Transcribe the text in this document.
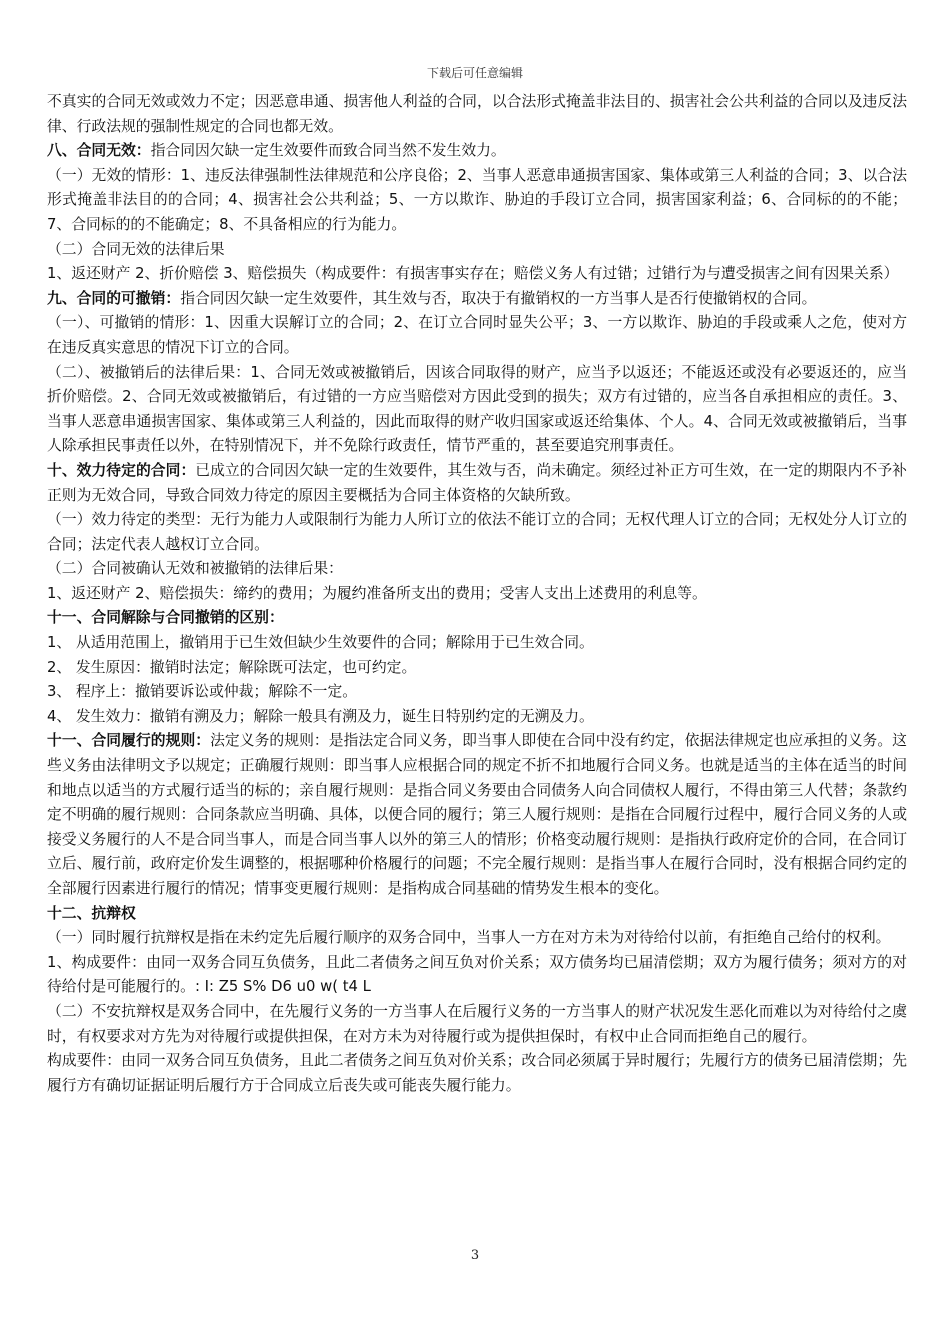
下载后可任意编辑

不真实的合同无效或效力不定；因恶意串通、损害他人利益的合同，以合法形式掩盖非法目的、损害社会公共利益的合同以及违反法律、行政法规的强制性规定的合同也都无效。

八、合同无效：指合同因欠缺一定生效要件而致合同当然不发生效力。

（一）无效的情形：1、违反法律强制性法律规范和公序良俗；2、当事人恶意串通损害国家、集体或第三人利益的合同；3、以合法形式掩盖非法目的的合同；4、损害社会公共利益；5、一方以欺诈、胁迫的手段订立合同，损害国家利益；6、合同标的的不能；7、合同标的的不能确定；8、不具备相应的行为能力。

（二）合同无效的法律后果

1、返还财产 2、折价赔偿 3、赔偿损失（构成要件：有损害事实存在；赔偿义务人有过错；过错行为与遭受损害之间有因果关系）

九、合同的可撤销：指合同因欠缺一定生效要件，其生效与否，取决于有撤销权的一方当事人是否行使撤销权的合同。

（一）、可撤销的情形：1、因重大误解订立的合同；2、在订立合同时显失公平；3、一方以欺诈、胁迫的手段或乘人之危，使对方在违反真实意思的情况下订立的合同。

（二）、被撤销后的法律后果：1、合同无效或被撤销后，因该合同取得的财产，应当予以返还；不能返还或没有必要返还的，应当折价赔偿。2、合同无效或被撤销后，有过错的一方应当赔偿对方因此受到的损失；双方有过错的，应当各自承担相应的责任。3、当事人恶意串通损害国家、集体或第三人利益的，因此而取得的财产收归国家或返还给集体、个人。4、合同无效或被撤销后，当事人除承担民事责任以外，在特别情况下，并不免除行政责任，情节严重的，甚至要追究刑事责任。

十、效力待定的合同：已成立的合同因欠缺一定的生效要件，其生效与否，尚未确定。须经过补正方可生效，在一定的期限内不予补正则为无效合同，导致合同效力待定的原因主要概括为合同主体资格的欠缺所致。

（一）效力待定的类型：无行为能力人或限制行为能力人所订立的依法不能订立的合同；无权代理人订立的合同；无权处分人订立的合同；法定代表人越权订立合同。

（二）合同被确认无效和被撤销的法律后果：

1、返还财产 2、赔偿损失：缔约的费用；为履约准备所支出的费用；受害人支出上述费用的利息等。

十一、合同解除与合同撤销的区别：

1、 从适用范围上，撤销用于已生效但缺少生效要件的合同；解除用于已生效合同。

2、 发生原因：撤销时法定；解除既可法定，也可约定。

3、 程序上：撤销要诉讼或仲裁；解除不一定。

4、 发生效力：撤销有溯及力；解除一般具有溯及力，诞生日特别约定的无溯及力。

十一、合同履行的规则：法定义务的规则：是指法定合同义务，即当事人即使在合同中没有约定，依据法律规定也应承担的义务。这些义务由法律明文予以规定；正确履行规则：即当事人应根据合同的规定不折不扣地履行合同义务。也就是适当的主体在适当的时间和地点以适当的方式履行适当的标的；亲自履行规则：是指合同义务要由合同债务人向合同债权人履行，不得由第三人代替；条款约定不明确的履行规则：合同条款应当明确、具体，以便合同的履行；第三人履行规则：是指在合同履行过程中，履行合同义务的人或接受义务履行的人不是合同当事人，而是合同当事人以外的第三人的情形；价格变动履行规则：是指执行政府定价的合同，在合同订立后、履行前，政府定价发生调整的，根据哪种价格履行的问题；不完全履行规则：是指当事人在履行合同时，没有根据合同约定的全部履行因素进行履行的情况；情事变更履行规则：是指构成合同基础的情势发生根本的变化。

十二、抗辩权

（一）同时履行抗辩权是指在未约定先后履行顺序的双务合同中，当事人一方在对方未为对待给付以前，有拒绝自己给付的权利。

1、构成要件：由同一双务合同互负债务，且此二者债务之间互负对价关系；双方债务均已届清偿期；双方为履行债务；须对方的对待给付是可能履行的。: I: Z5 S% D6 u0 w( t4 L

（二）不安抗辩权是双务合同中，在先履行义务的一方当事人在后履行义务的一方当事人的财产状况发生恶化而难以为对待给付之虞时，有权要求对方先为对待履行或提供担保，在对方未为对待履行或为提供担保时，有权中止合同而拒绝自己的履行。

构成要件：由同一双务合同互负债务，且此二者债务之间互负对价关系；改合同必须属于异时履行；先履行方的债务已届清偿期；先履行方有确切证据证明后履行方于合同成立后丧失或可能丧失履行能力。

3
